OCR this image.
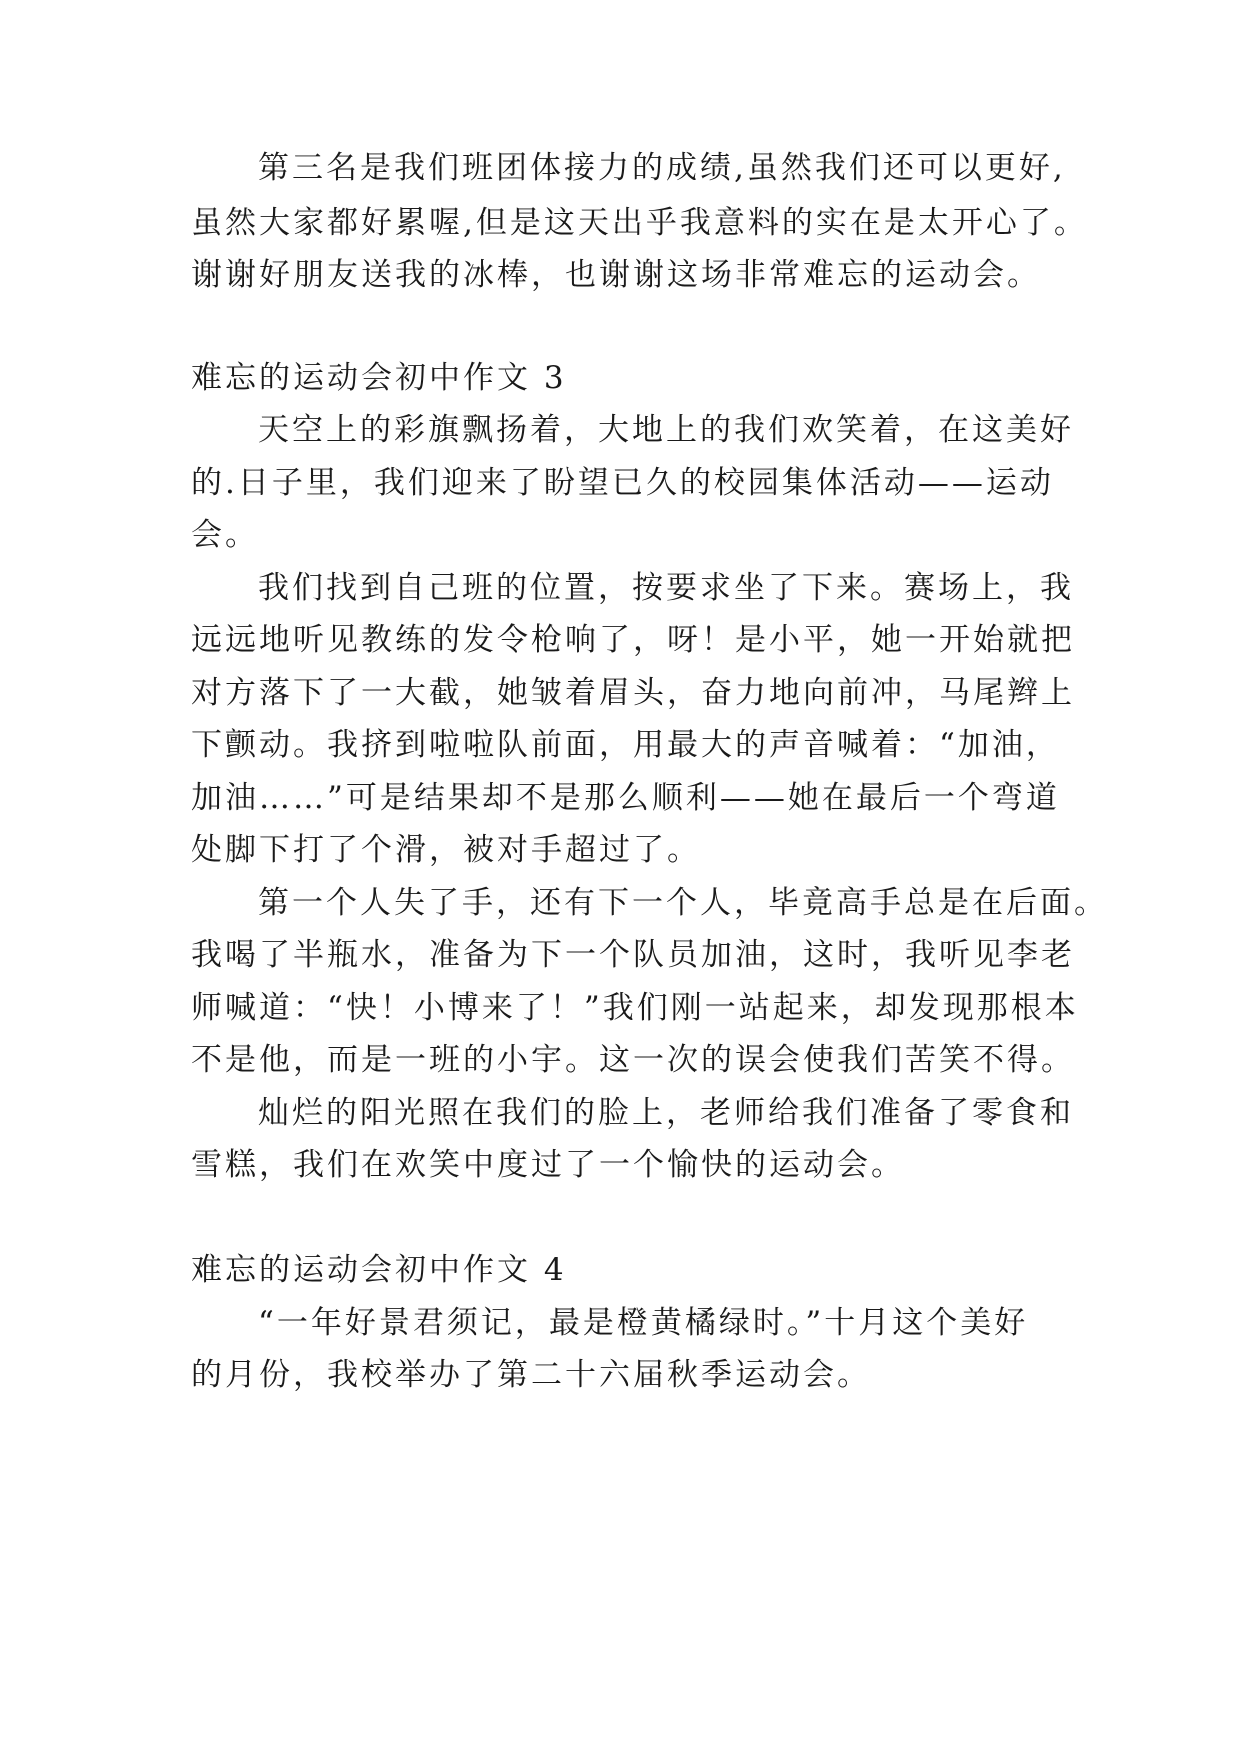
第三名是我们班团体接力的成绩,虽然我们还可以更好,
虽然大家都好累喔,但是这天出乎我意料的实在是太开心了。
谢谢好朋友送我的冰棒，也谢谢这场非常难忘的运动会。
难忘的运动会初中作文 3
天空上的彩旗飘扬着，大地上的我们欢笑着，在这美好
的.日子里，我们迎来了盼望已久的校园集体活动——运动
会。
我们找到自己班的位置，按要求坐了下来。赛场上，我
远远地听见教练的发令枪响了，呀！是小平，她一开始就把
对方落下了一大截，她皱着眉头，奋力地向前冲，马尾辫上
下颤动。我挤到啦啦队前面，用最大的声音喊着：“加油，
加油……”可是结果却不是那么顺利——她在最后一个弯道
处脚下打了个滑，被对手超过了。
第一个人失了手，还有下一个人，毕竟高手总是在后面。
我喝了半瓶水，准备为下一个队员加油，这时，我听见李老
师喊道：“快！小博来了！”我们刚一站起来，却发现那根本
不是他，而是一班的小宇。这一次的误会使我们苦笑不得。
灿烂的阳光照在我们的脸上，老师给我们准备了零食和
雪糕，我们在欢笑中度过了一个愉快的运动会。
难忘的运动会初中作文 4
“一年好景君须记，最是橙黄橘绿时。”十月这个美好
的月份，我校举办了第二十六届秋季运动会。
